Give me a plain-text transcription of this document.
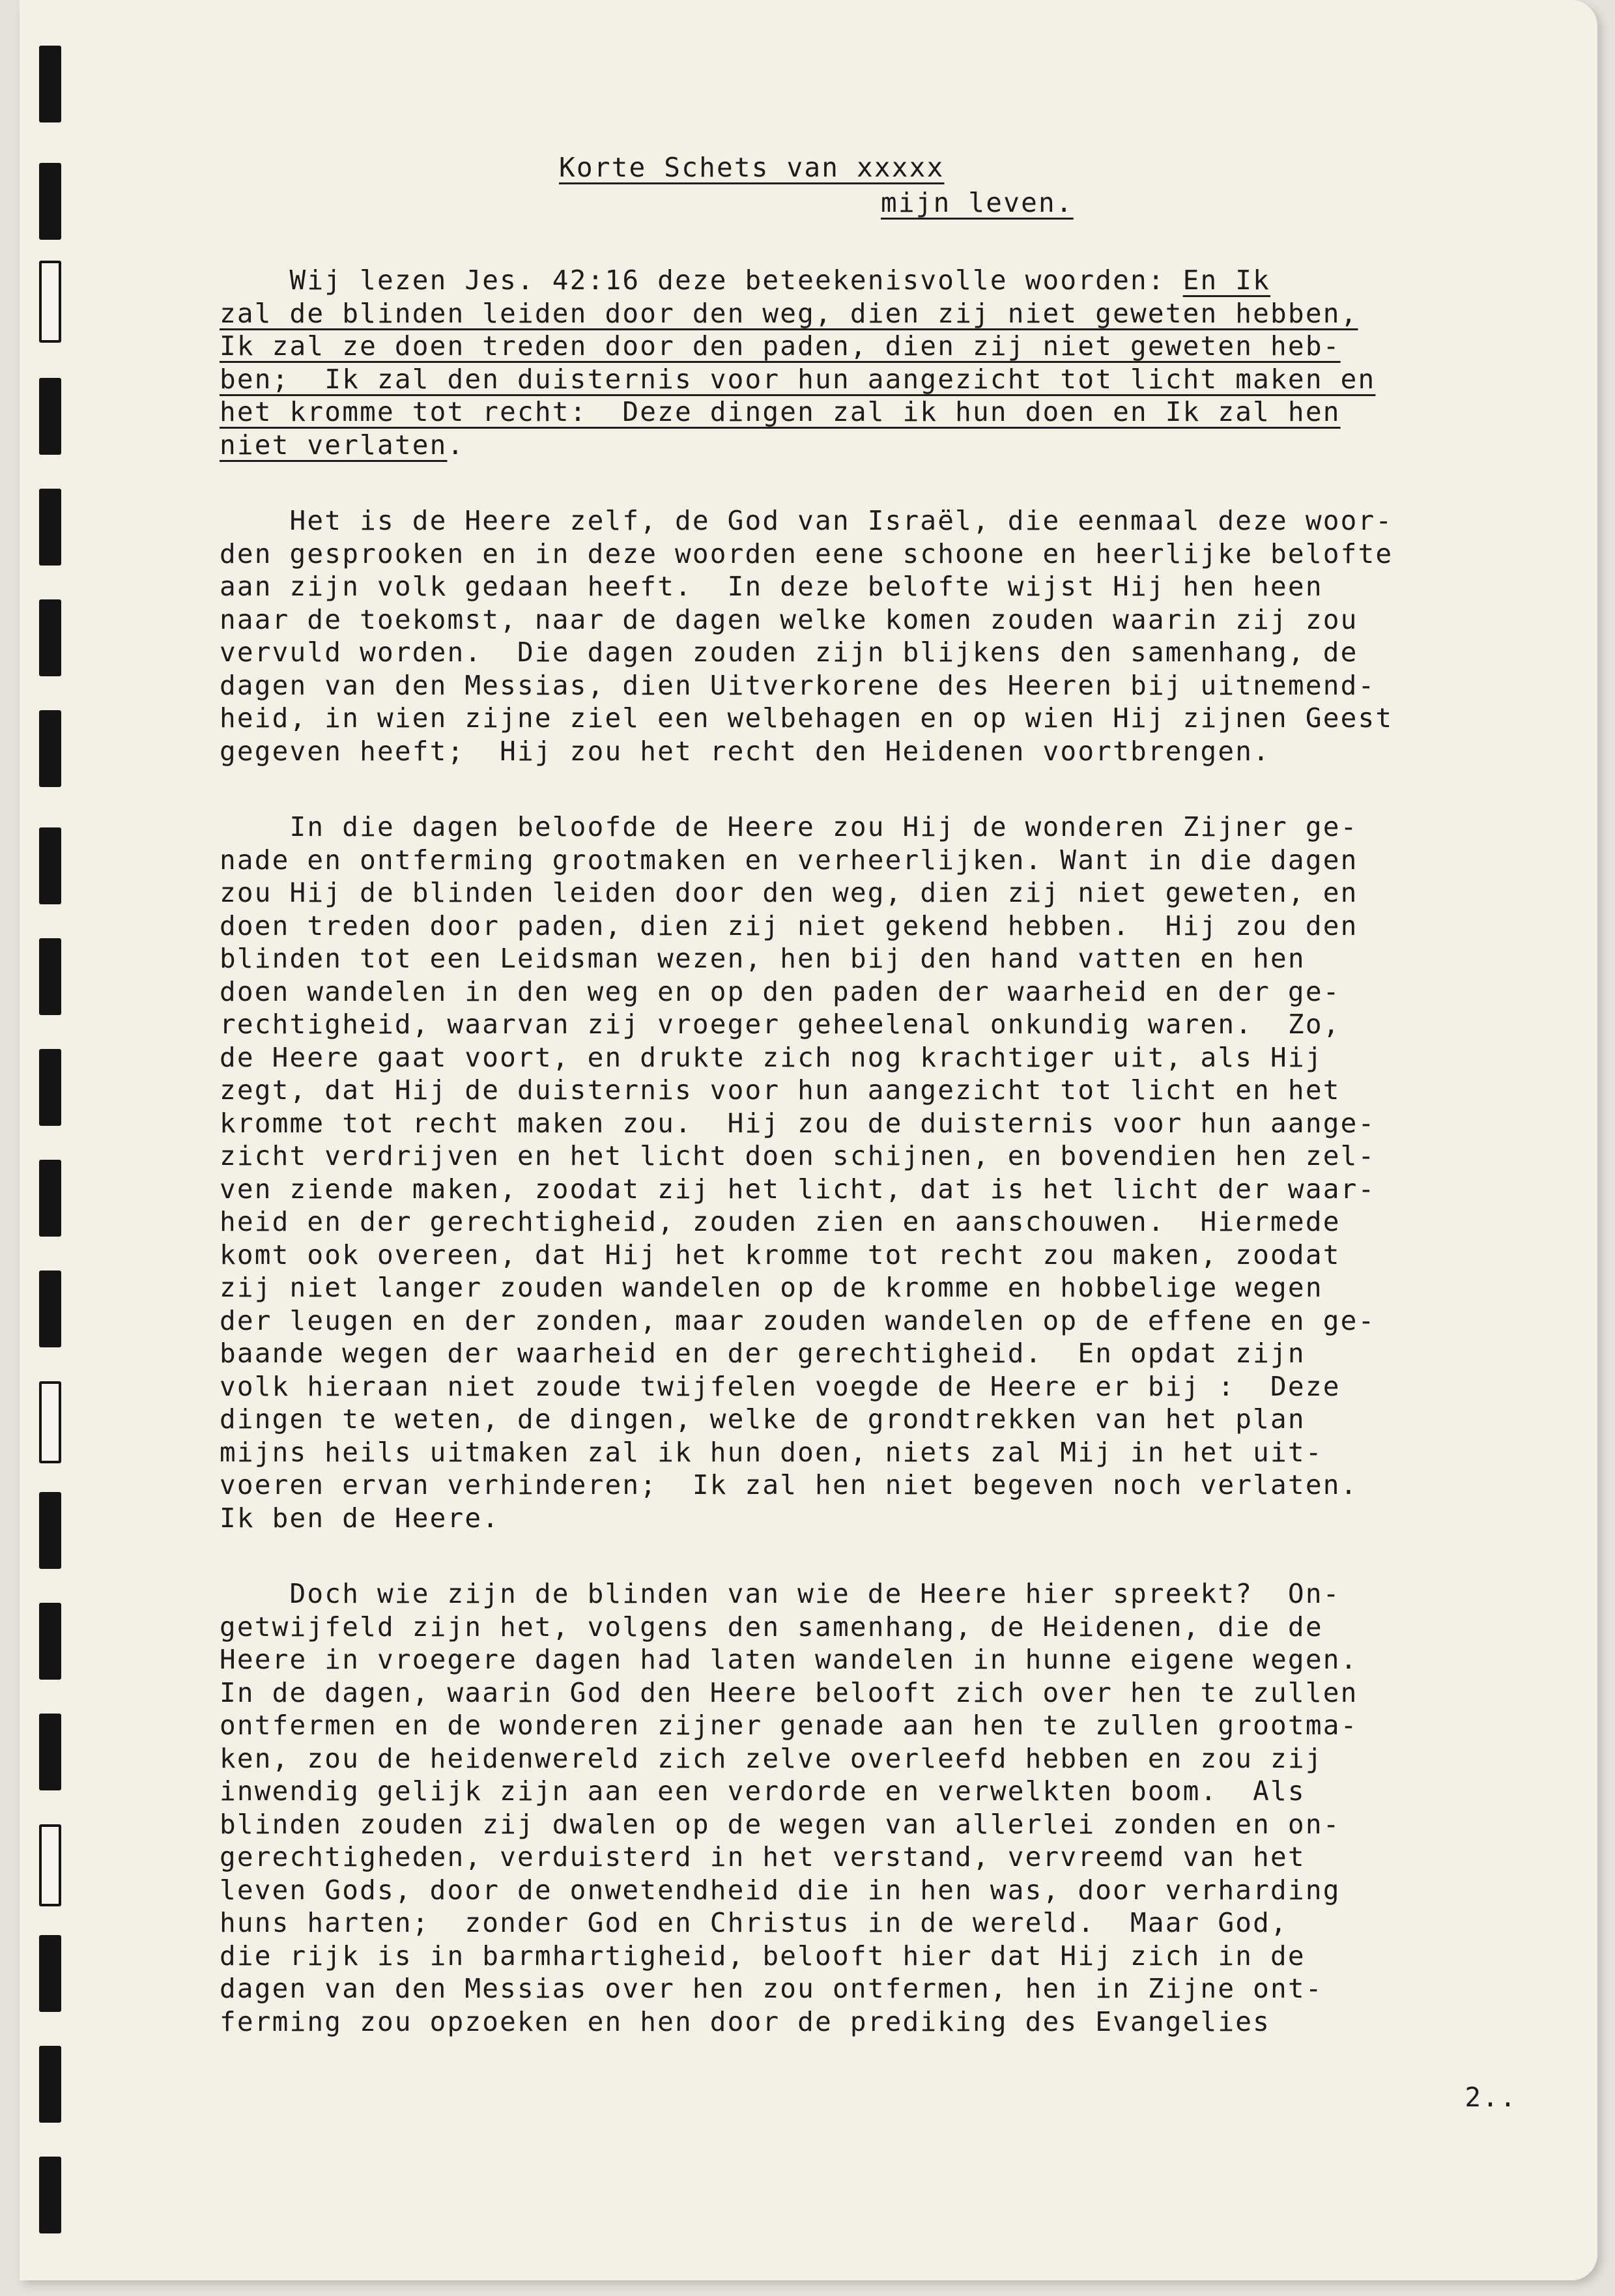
Korte Schets van xxxxx
mijn leven.
Wij lezen Jes. 42:16 deze beteekenisvolle woorden: En Ik
zal de blinden leiden door den weg, dien zij niet geweten hebben,
Ik zal ze doen treden door den paden, dien zij niet geweten heb-
ben;  Ik zal den duisternis voor hun aangezicht tot licht maken en
het kromme tot recht:  Deze dingen zal ik hun doen en Ik zal hen
niet verlaten.
Het is de Heere zelf, de God van Israël, die eenmaal deze woor-
den gesprooken en in deze woorden eene schoone en heerlijke belofte
aan zijn volk gedaan heeft.  In deze belofte wijst Hij hen heen
naar de toekomst, naar de dagen welke komen zouden waarin zij zou
vervuld worden.  Die dagen zouden zijn blijkens den samenhang, de
dagen van den Messias, dien Uitverkorene des Heeren bij uitnemend-
heid, in wien zijne ziel een welbehagen en op wien Hij zijnen Geest
gegeven heeft;  Hij zou het recht den Heidenen voortbrengen.
In die dagen beloofde de Heere zou Hij de wonderen Zijner ge-
nade en ontferming grootmaken en verheerlijken. Want in die dagen
zou Hij de blinden leiden door den weg, dien zij niet geweten, en
doen treden door paden, dien zij niet gekend hebben.  Hij zou den
blinden tot een Leidsman wezen, hen bij den hand vatten en hen
doen wandelen in den weg en op den paden der waarheid en der ge-
rechtigheid, waarvan zij vroeger geheelenal onkundig waren.  Zo,
de Heere gaat voort, en drukte zich nog krachtiger uit, als Hij
zegt, dat Hij de duisternis voor hun aangezicht tot licht en het
kromme tot recht maken zou.  Hij zou de duisternis voor hun aange-
zicht verdrijven en het licht doen schijnen, en bovendien hen zel-
ven ziende maken, zoodat zij het licht, dat is het licht der waar-
heid en der gerechtigheid, zouden zien en aanschouwen.  Hiermede
komt ook overeen, dat Hij het kromme tot recht zou maken, zoodat
zij niet langer zouden wandelen op de kromme en hobbelige wegen
der leugen en der zonden, maar zouden wandelen op de effene en ge-
baande wegen der waarheid en der gerechtigheid.  En opdat zijn
volk hieraan niet zoude twijfelen voegde de Heere er bij :  Deze
dingen te weten, de dingen, welke de grondtrekken van het plan
mijns heils uitmaken zal ik hun doen, niets zal Mij in het uit-
voeren ervan verhinderen;  Ik zal hen niet begeven noch verlaten.
Ik ben de Heere.
Doch wie zijn de blinden van wie de Heere hier spreekt?  On-
getwijfeld zijn het, volgens den samenhang, de Heidenen, die de
Heere in vroegere dagen had laten wandelen in hunne eigene wegen.
In de dagen, waarin God den Heere belooft zich over hen te zullen
ontfermen en de wonderen zijner genade aan hen te zullen grootma-
ken, zou de heidenwereld zich zelve overleefd hebben en zou zij
inwendig gelijk zijn aan een verdorde en verwelkten boom.  Als
blinden zouden zij dwalen op de wegen van allerlei zonden en on-
gerechtigheden, verduisterd in het verstand, vervreemd van het
leven Gods, door de onwetendheid die in hen was, door verharding
huns harten;  zonder God en Christus in de wereld.  Maar God,
die rijk is in barmhartigheid, belooft hier dat Hij zich in de
dagen van den Messias over hen zou ontfermen, hen in Zijne ont-
ferming zou opzoeken en hen door de prediking des Evangelies
2..
